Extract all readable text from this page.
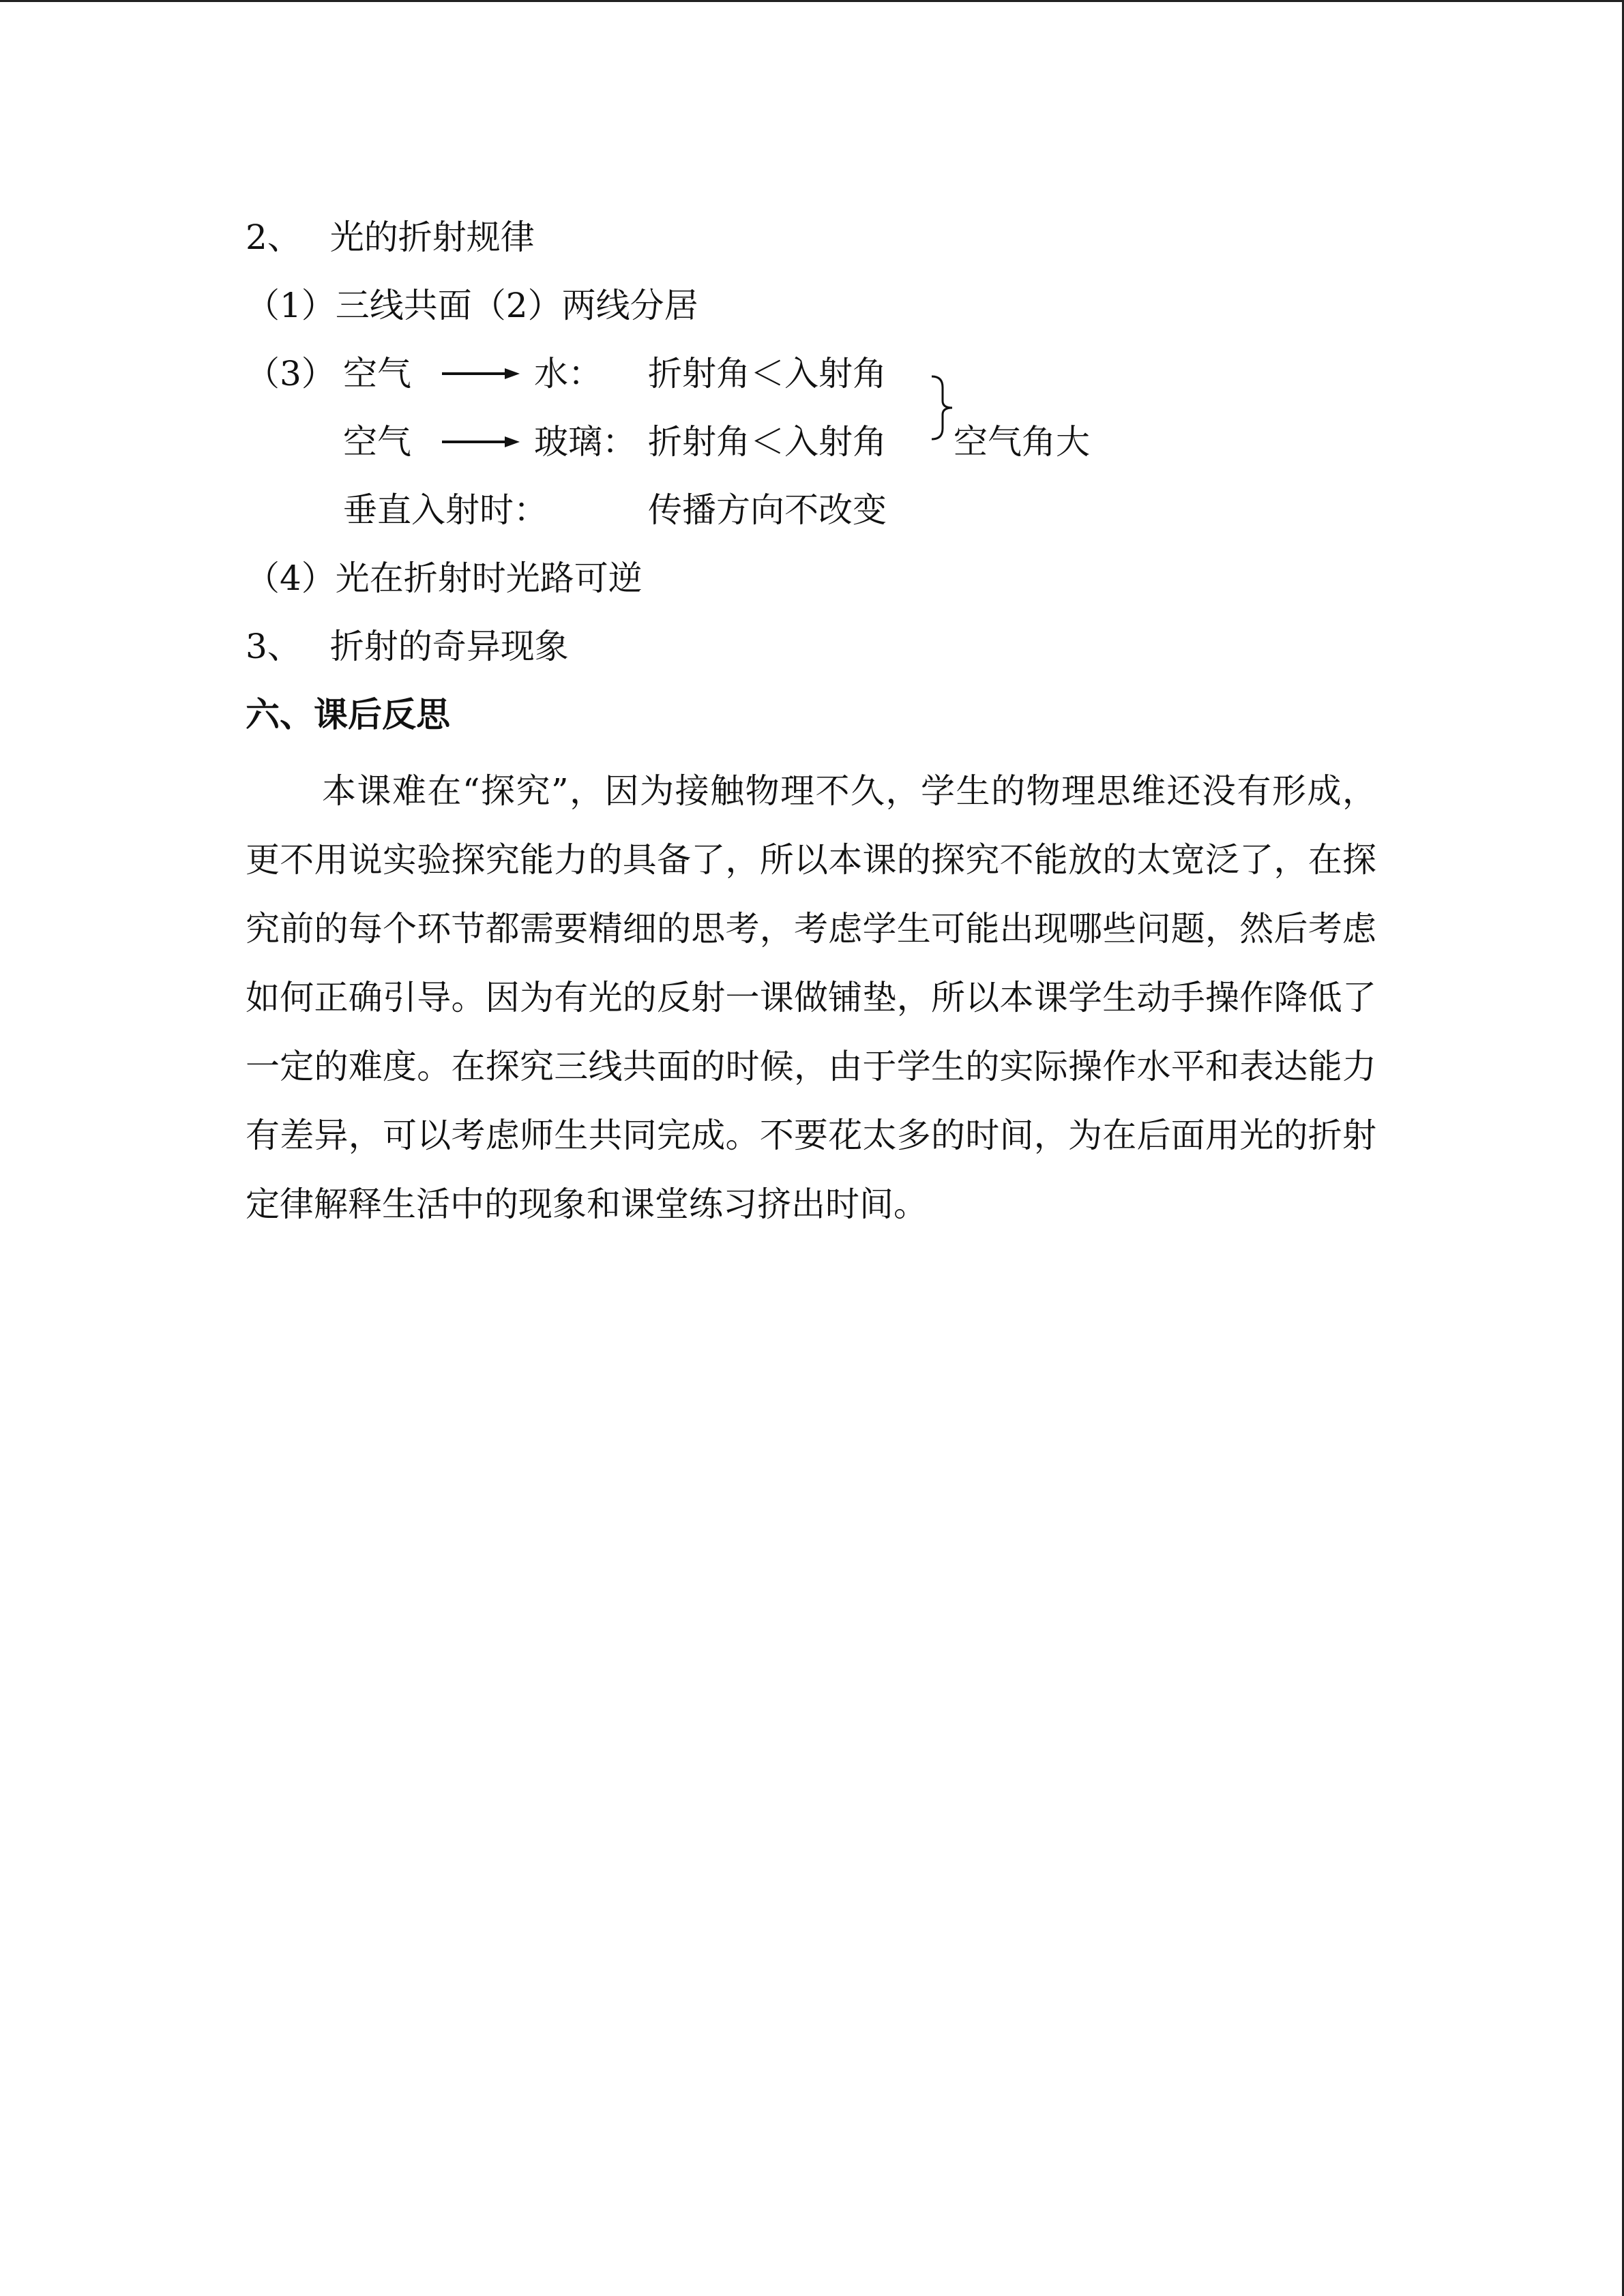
2、 光的折射规律
（1）三线共面（2）两线分居
（3） 空气	水： 折射角＜入射角
空气	玻璃： 折射角＜入射角 空气角大
垂直入射时：	传播方向不改变
（4）光在折射时光路可逆
3、 折射的奇异现象
六、课后反思
本课难在“探究”，因为接触物理不久，学生的物理思维还没有形成，更不用说实验探究能力的具备了，所以本课的探究不能放的太宽泛了，在探究前的每个环节都需要精细的思考，考虑学生可能出现哪些问题，然后考虑如何正确引导。因为有光的反射一课做铺垫，所以本课学生动手操作降低了一定的难度。在探究三线共面的时候，由于学生的实际操作水平和表达能力有差异，可以考虑师生共同完成。不要花太多的时间，为在后面用光的折射定律解释生活中的现象和课堂练习挤出时间。
